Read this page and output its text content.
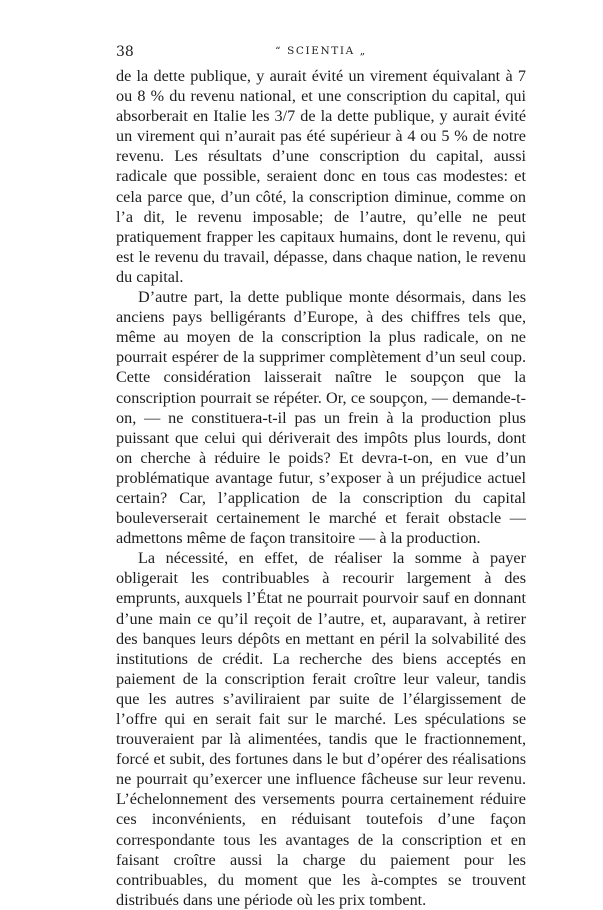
38	“ SCIENTIA „

de la dette publique, y aurait évité un virement équivalant à 7 ou 8 % du revenu national, et une conscription du capital, qui absorberait en Italie les 3/7 de la dette publique, y aurait évité un virement qui n’aurait pas été supérieur à 4 ou 5 % de notre revenu. Les résultats d’une conscription du capital, aussi radicale que possible, seraient donc en tous cas modestes: et cela parce que, d’un côté, la conscription diminue, comme on l’a dit, le revenu imposable; de l’autre, qu’elle ne peut pratiquement frapper les capitaux humains, dont le revenu, qui est le revenu du travail, dépasse, dans chaque nation, le revenu du capital.

D’autre part, la dette publique monte désormais, dans les anciens pays belligérants d’Europe, à des chiffres tels que, même au moyen de la conscription la plus radicale, on ne pourrait espérer de la supprimer complètement d’un seul coup. Cette considération laisserait naître le soupçon que la conscription pourrait se répéter. Or, ce soupçon, — demande-t-on, — ne constituera-t-il pas un frein à la production plus puissant que celui qui dériverait des impôts plus lourds, dont on cherche à réduire le poids? Et devra-t-on, en vue d’un problématique avantage futur, s’exposer à un préjudice actuel certain? Car, l’application de la conscription du capital bouleverserait certainement le marché et ferait obstacle — admettons même de façon transitoire — à la production.

La nécessité, en effet, de réaliser la somme à payer obligerait les contribuables à recourir largement à des emprunts, auxquels l’État ne pourrait pourvoir sauf en donnant d’une main ce qu’il reçoit de l’autre, et, auparavant, à retirer des banques leurs dépôts en mettant en péril la solvabilité des institutions de crédit. La recherche des biens acceptés en paiement de la conscription ferait croître leur valeur, tandis que les autres s’aviliraient par suite de l’élargissement de l’offre qui en serait fait sur le marché. Les spéculations se trouveraient par là alimentées, tandis que le fractionnement, forcé et subit, des fortunes dans le but d’opérer des réalisations ne pourrait qu’exercer une influence fâcheuse sur leur revenu. L’échelonnement des versements pourra certainement réduire ces inconvénients, en réduisant toutefois d’une façon correspondante tous les avantages de la conscription et en faisant croître aussi la charge du paiement pour les contribuables, du moment que les à-comptes se trouvent distribués dans une période où les prix tombent.
